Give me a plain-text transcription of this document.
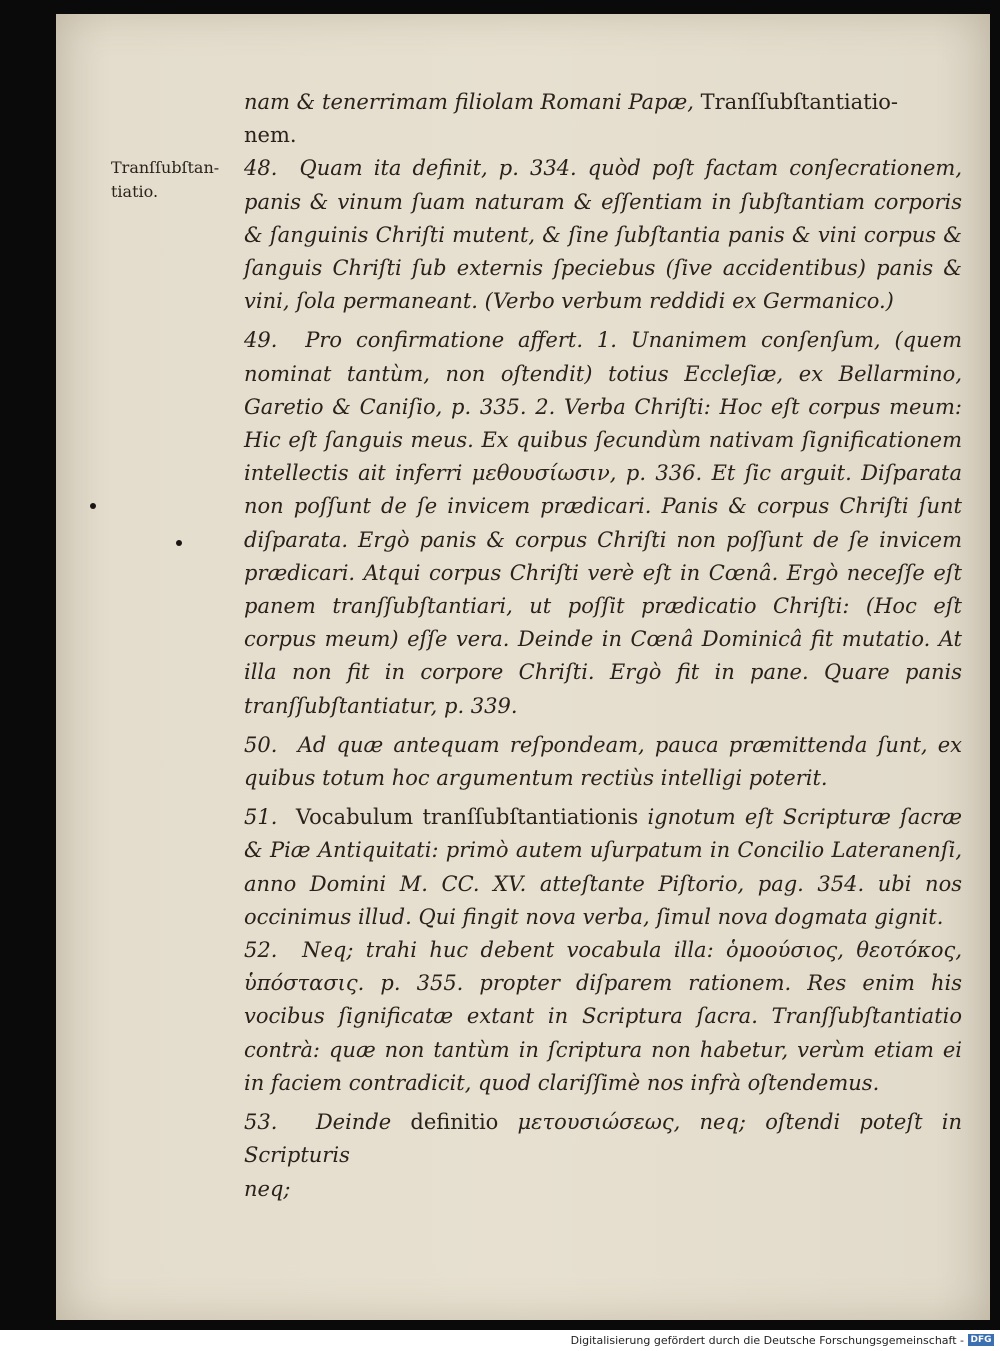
Tranſſubſtan- tiatio.

nam & tenerrimam filiolam Romani Papæ, Tranſſubſtantiatio-

nem.

48. Quam ita definit, p. 334. quòd poſt factam conſecrationem, panis & vinum ſuam naturam & eſſentiam in ſubſtantiam corporis & ſanguinis Chriſti mutent, & ſine ſubſtantia panis & vini corpus & ſanguis Chriſti ſub externis ſpeciebus (ſive accidentibus) panis & vini, ſola permaneant. (Verbo verbum reddidi ex Germanico.)

49. Pro confirmatione affert. 1. Unanimem conſenſum, (quem nominat tantùm, non oſtendit) totius Eccleſiæ, ex Bellarmino, Garetio & Caniſio, p. 335. 2. Verba Chriſti: Hoc eſt corpus meum: Hic eſt ſanguis meus. Ex quibus ſecundùm nativam ſignificationem intellectis ait inferri μεθουσίωσιν, p. 336. Et ſic arguit. Diſparata non poſſunt de ſe invicem prædicari. Panis & corpus Chriſti ſunt diſparata. Ergò panis & corpus Chriſti non poſſunt de ſe invicem prædicari. Atqui corpus Chriſti verè eſt in Cœnâ. Ergò neceſſe eſt panem tranſſubſtantiari, ut poſſit prædicatio Chriſti: (Hoc eſt corpus meum) eſſe vera. Deinde in Cœnâ Dominicâ fit mutatio. At illa non fit in corpore Chriſti. Ergò fit in pane. Quare panis tranſſubſtantiatur, p. 339.

50. Ad quæ antequam reſpondeam, pauca præmittenda ſunt, ex quibus totum hoc argumentum rectiùs intelligi poterit.

51. Vocabulum tranſſubſtantiationis ignotum eſt Scripturæ ſacræ & Piæ Antiquitati: primò autem uſurpatum in Concilio Lateranenſi, anno Domini M. CC. XV. atteſtante Piſtorio, pag. 354. ubi nos occinimus illud. Qui fingit nova verba, ſimul nova dogmata gignit.

52. Neq; trahi huc debent vocabula illa: ὁμοούσιος, θεοτόκος, ὑπόστασις. p. 355. propter diſparem rationem. Res enim his vocibus ſignificatæ extant in Scriptura ſacra. Tranſſubſtantiatio contrà: quæ non tantùm in ſcriptura non habetur, verùm etiam ei in faciem contradicit, quod clariſſimè nos infrà oſtendemus.

53. Deinde definitio μετουσιώσεως, neq; oſtendi poteſt in Scripturis

neq;

Digitalisierung gefördert durch die Deutsche Forschungsgemeinschaft - DFG
